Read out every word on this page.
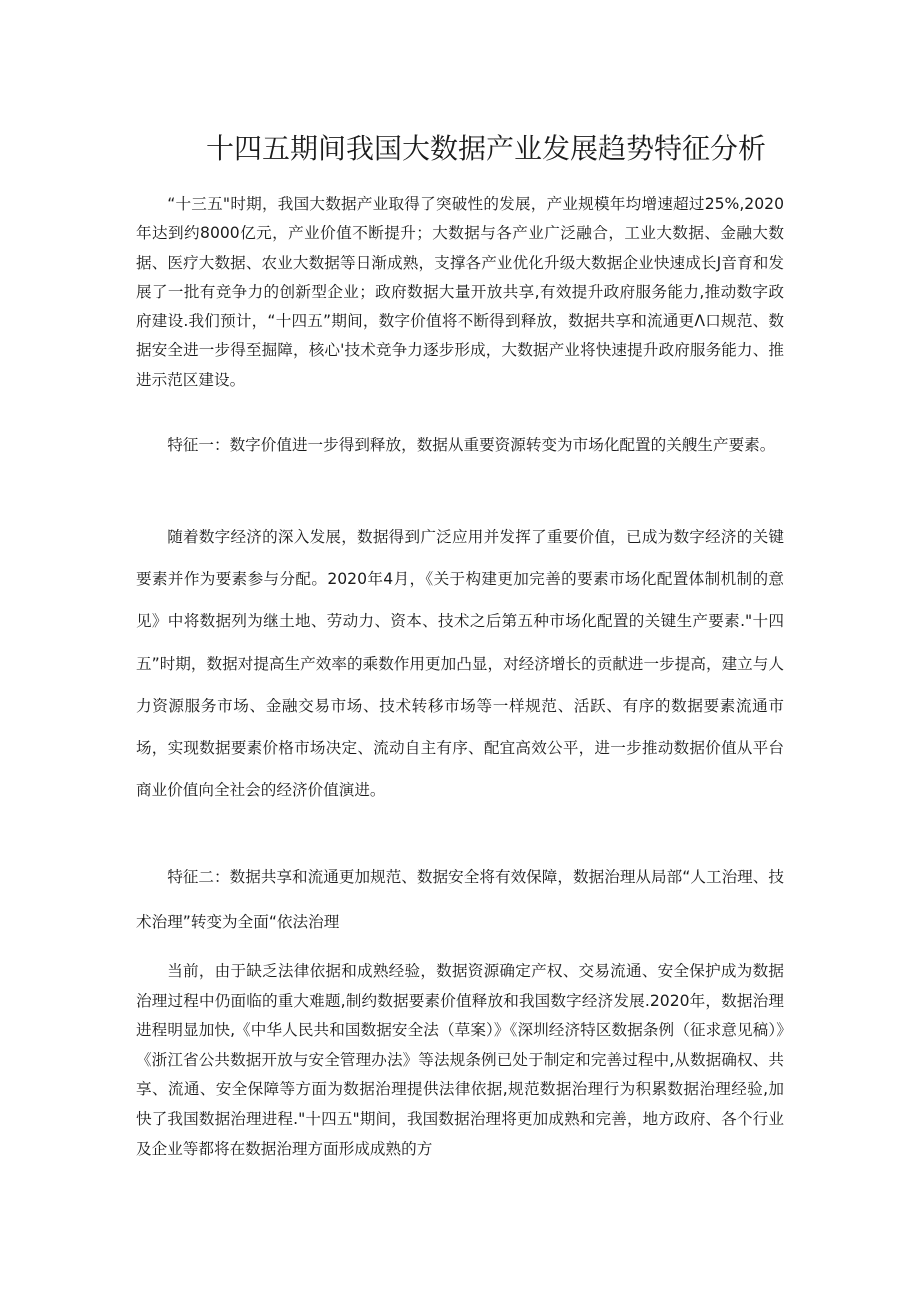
十四五期间我国大数据产业发展趋势特征分析

“十三五"时期，我国大数据产业取得了突破性的发展，产业规模年均增速超过25%,2020年达到约8000亿元，产业价值不断提升；大数据与各产业广泛融合，工业大数据、金融大数据、医疗大数据、农业大数据等日渐成熟，支撑各产业优化升级大数据企业快速成长J音育和发展了一批有竞争力的创新型企业；政府数据大量开放共享,有效提升政府服务能力,推动数字政府建设.我们预计，“十四五”期间，数字价值将不断得到释放，数据共享和流通更Λ口规范、数据安全进一步得至掘障，核心'技术竞争力逐步形成，大数据产业将快速提升政府服务能力、推进示范区建设。

特征一：数字价值进一步得到释放，数据从重要资源转变为市场化配置的关艘生产要素。

随着数字经济的深入发展，数据得到广泛应用并发挥了重要价值，已成为数字经济的关键要素并作为要素参与分配。2020年4月，《关于构建更加完善的要素市场化配置体制机制的意见》中将数据列为继土地、劳动力、资本、技术之后第五种市场化配置的关键生产要素."十四五”时期，数据对提高生产效率的乘数作用更加凸显，对经济增长的贡献进一步提高，建立与人力资源服务市场、金融交易市场、技术转移市场等一样规范、活跃、有序的数据要素流通市场，实现数据要素价格市场决定、流动自主有序、配宜高效公平，进一步推动数据价值从平台商业价值向全社会的经济价值演进。

特征二：数据共享和流通更加规范、数据安全将有效保障，数据治理从局部“人工治理、技术治理”转变为全面“依法治理

当前，由于缺乏法律依据和成熟经验，数据资源确定产权、交易流通、安全保护成为数据治理过程中仍面临的重大难题,制约数据要素价值释放和我国数字经济发展.2020年，数据治理进程明显加快,《中华人民共和国数据安全法（草案）》《深圳经济特区数据条例（征求意见稿）》《浙江省公共数据开放与安全管理办法》等法规条例已处于制定和完善过程中,从数据确权、共享、流通、安全保障等方面为数据治理提供法律依据,规范数据治理行为积累数据治理经验,加快了我国数据治理进程."十四五"期间，我国数据治理将更加成熟和完善，地方政府、各个行业及企业等都将在数据治理方面形成成熟的方
